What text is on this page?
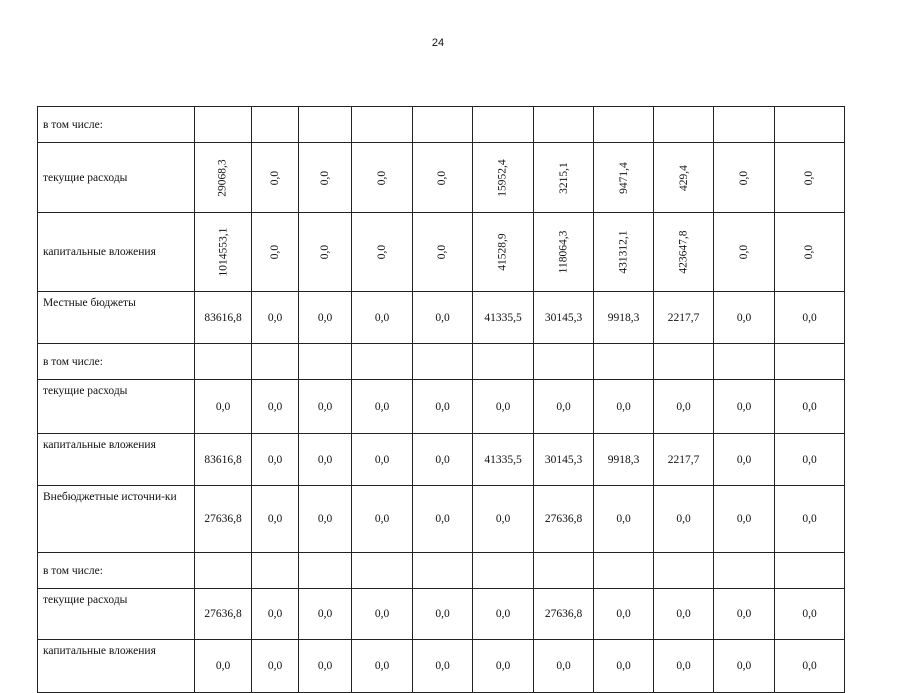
24
в том числе:											
текущие расходы	29068,3	0,0	0,0	0,0	0,0	15952,4	3215,1	9471,4	429,4	0,0	0,0
капитальные вложения	1014553,1	0,0	0,0	0,0	0,0	41528,9	118064,3	431312,1	423647,8	0,0	0,0
Местные бюджеты	83616,8	0,0	0,0	0,0	0,0	41335,5	30145,3	9918,3	2217,7	0,0	0,0
в том числе:											
текущие расходы	0,0	0,0	0,0	0,0	0,0	0,0	0,0	0,0	0,0	0,0	0,0
капитальные вложения	83616,8	0,0	0,0	0,0	0,0	41335,5	30145,3	9918,3	2217,7	0,0	0,0
Внебюджетные источни-ки	27636,8	0,0	0,0	0,0	0,0	0,0	27636,8	0,0	0,0	0,0	0,0
в том числе:											
текущие расходы	27636,8	0,0	0,0	0,0	0,0	0,0	27636,8	0,0	0,0	0,0	0,0
капитальные вложения	0,0	0,0	0,0	0,0	0,0	0,0	0,0	0,0	0,0	0,0	0,0
